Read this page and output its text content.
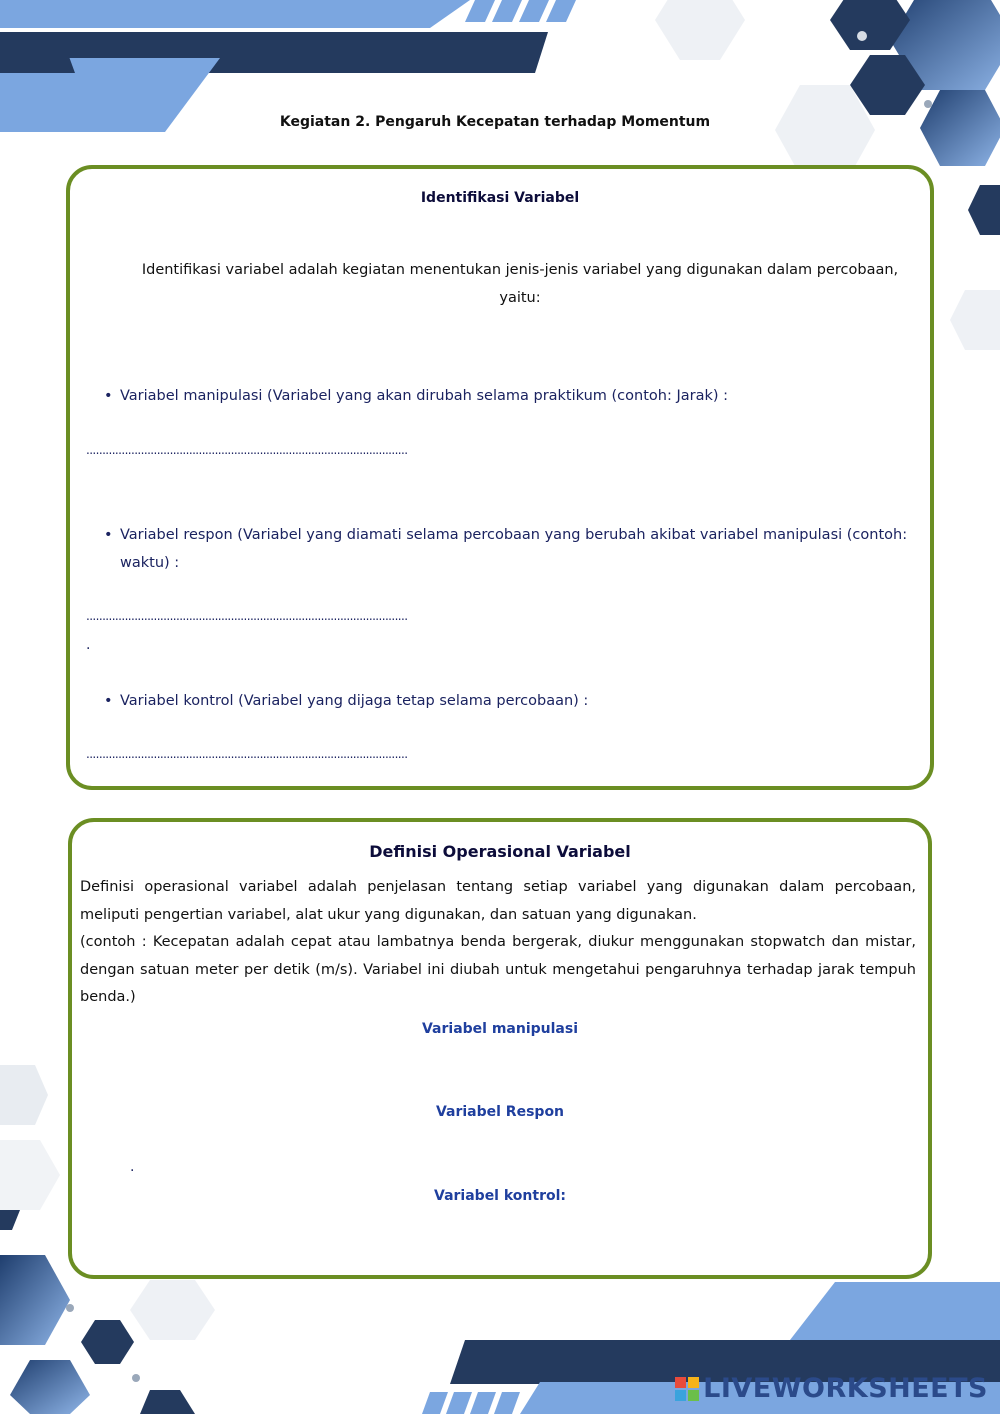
Kegiatan 2. Pengaruh Kecepatan terhadap Momentum
Identifikasi Variabel
Identifikasi variabel adalah kegiatan menentukan jenis-jenis variabel yang digunakan dalam percobaan, yaitu:
• Variabel manipulasi (Variabel yang akan dirubah selama praktikum (contoh: Jarak) :
....................................................................................................
• Variabel respon (Variabel yang diamati selama percobaan yang berubah akibat variabel manipulasi (contoh: waktu) :
....................................................................................................
.
• Variabel kontrol (Variabel yang dijaga tetap selama percobaan) :
....................................................................................................
Definisi Operasional Variabel
Definisi operasional variabel adalah penjelasan tentang setiap variabel yang digunakan dalam percobaan, meliputi pengertian variabel, alat ukur yang digunakan, dan satuan yang digunakan.
(contoh : Kecepatan adalah cepat atau lambatnya benda bergerak, diukur menggunakan stopwatch dan mistar, dengan satuan meter per detik (m/s). Variabel ini diubah untuk mengetahui pengaruhnya terhadap jarak tempuh benda.)
Variabel manipulasi
Variabel Respon
.
Variabel kontrol:
LIVEWORKSHEETS
